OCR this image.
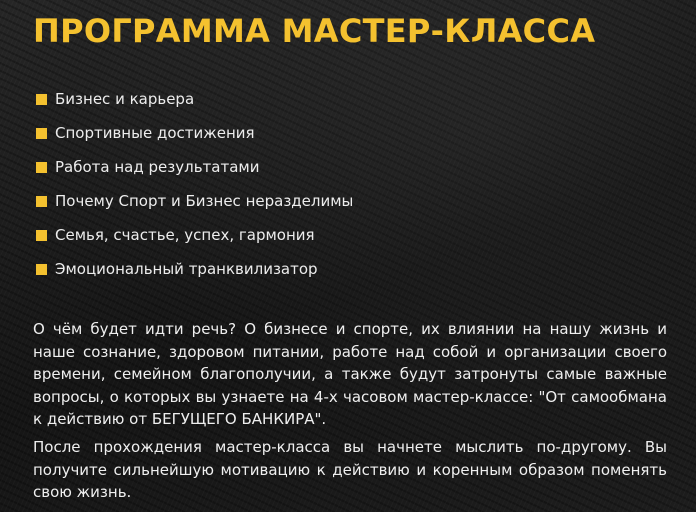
ПРОГРАММА МАСТЕР-КЛАССА
Бизнес и карьера
Спортивные достижения
Работа над результатами
Почему Спорт и Бизнес неразделимы
Семья, счастье, успех, гармония
Эмоциональный транквилизатор

О чём будет идти речь? О бизнесе и спорте, их влиянии на нашу жизнь и наше сознание, здоровом питании, работе над собой и организации своего времени, семейном благополучии, а также будут затронуты самые важные вопросы, о которых вы узнаете на 4-х часовом мастер-классе: "От самообмана к действию от БЕГУЩЕГО БАНКИРА".

После прохождения мастер-класса вы начнете мыслить по-другому. Вы получите сильнейшую мотивацию к действию и коренным образом поменять свою жизнь.
